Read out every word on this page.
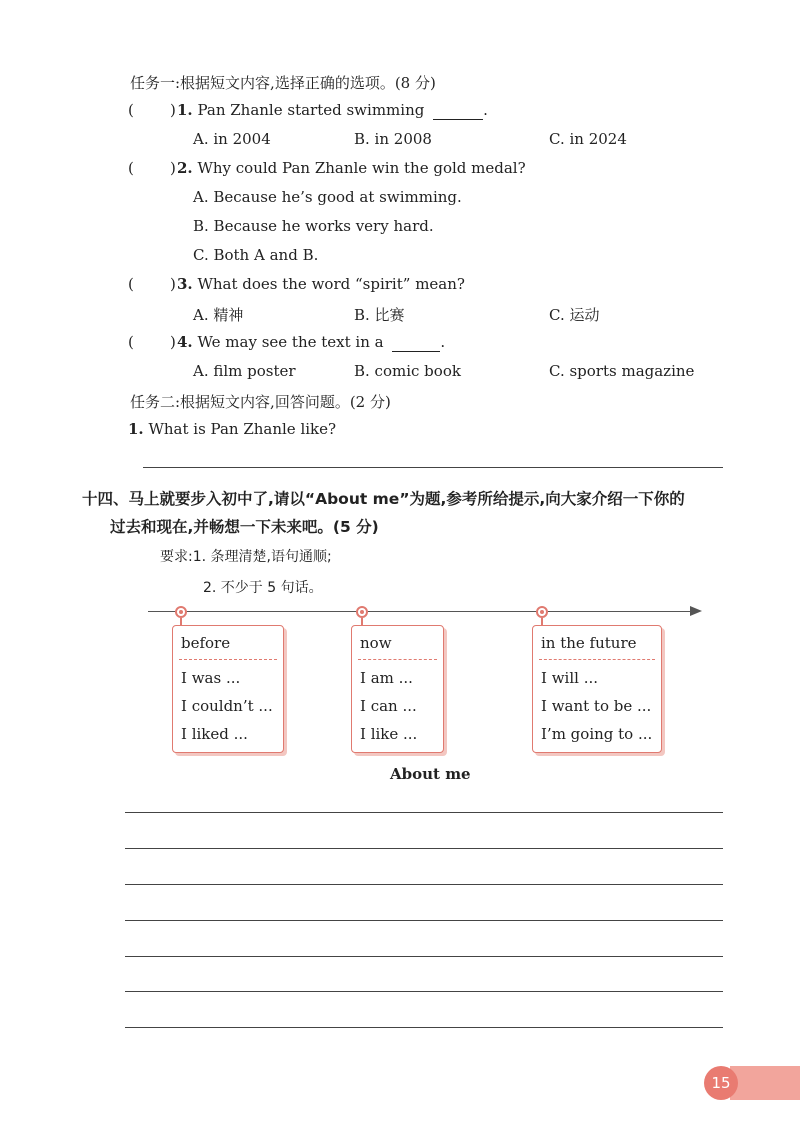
任务一:根据短文内容,选择正确的选项。(8 分)
( ) 1. Pan Zhanle started swimming	.
A. in 2004	B. in 2008	C. in 2024
( ) 2. Why could Pan Zhanle win the gold medal?
A. Because he’s good at swimming.
B. Because he works very hard.
C. Both A and B.
( ) 3. What does the word “spirit” mean?
A. 精神	B. 比赛	C. 运动
( ) 4. We may see the text in a	.
A. film poster	B. comic book	C. sports magazine
任务二:根据短文内容,回答问题。(2 分)
1. What is Pan Zhanle like?
十四、马上就要步入初中了,请以“About me”为题,参考所给提示,向大家介绍一下你的
过去和现在,并畅想一下未来吧。(5 分)
要求:1. 条理清楚,语句通顺;
2. 不少于 5 句话。
before
I was ...
I couldn’t ...
I liked ...
now
I am ...
I can ...
I like ...
in the future
I will ...
I want to be ...
I’m going to ...
About me
15
